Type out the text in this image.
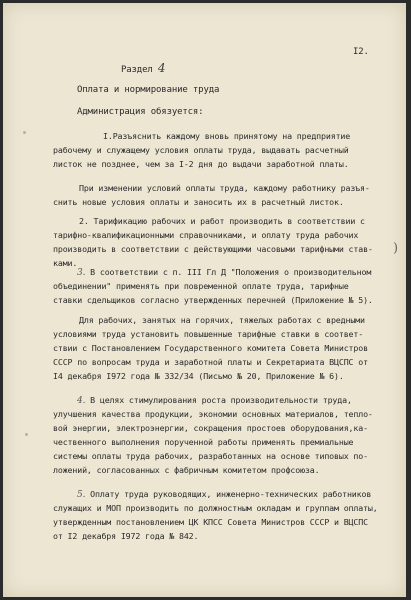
I2.
Раздел 4
Оплата и нормирование труда
Администрация обязуется:
I.Разъяснить каждому вновь принятому на предприятие
рабочему и служащему условия оплаты труда, выдавать расчетный
листок не позднее, чем за I-2 дня до выдачи заработной платы.
При изменении условий оплаты труда, каждому работнику разъя-
снить новые условия оплаты и заносить их в расчетный листок.
2. Тарификацию рабочих и работ производить в соответствии с
тарифно-квалификационными справочниками, и оплату труда рабочих
производить в соответствии с действующими часовыми тарифными став-
ками.
3. В соответствии с п. III Гл Д "Положения о производительном
)
объединении" применять при повременной оплате труда, тарифные
ставки сдельщиков согласно утвержденных перечней (Приложение № 5).
Для рабочих, занятых на горячих, тяжелых работах с вредными
условиями труда установить повышенные тарифные ставки в соответ-
ствии с Постановлением Государственного комитета Совета Министров
СССР по вопросам труда и заработной платы и Секретариата ВЦСПС от
I4 декабря I972 года № 332/34 (Письмо № 20, Приложение № 6).
4. В целях стимулирования роста производительности труда,
улучшения качества продукции, экономии основных материалов, тепло-
вой энергии, электроэнергии, сокращения простоев оборудования,ка-
чественного выполнения порученной работы применять премиальные
системы оплаты труда рабочих, разработанных на основе типовых по-
ложений, согласованных с фабричным комитетом профсоюза.
5. Оплату труда руководящих, инженерно-технических работников
служащих и МОП производить по должностным окладам и группам оплаты,
утвержденным постановлением ЦК КПСС Совета Министров СССР и ВЦСПС
от I2 декабря I972 года № 842.
